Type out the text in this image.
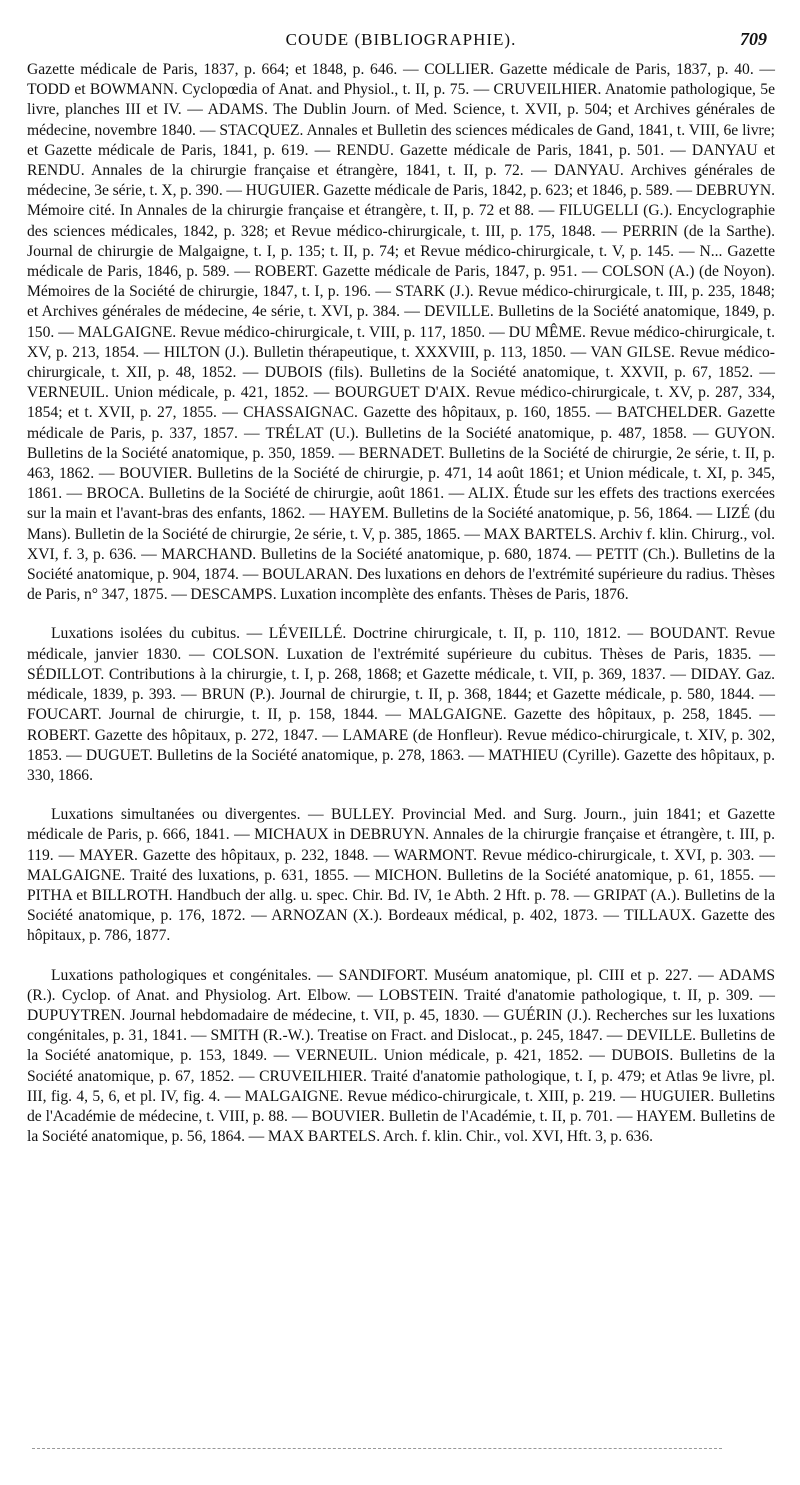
COUDE (BIBLIOGRAPHIE).	709

Gazette médicale de Paris, 1837, p. 664; et 1848, p. 646. — COLLIER. Gazette médicale de Paris, 1837, p. 40. — TODD et BOWMANN. Cyclopœdia of Anat. and Physiol., t. II, p. 75. — CRUVEILHIER. Anatomie pathologique, 5e livre, planches III et IV. — ADAMS. The Dublin Journ. of Med. Science, t. XVII, p. 504; et Archives générales de médecine, novembre 1840. — STACQUEZ. Annales et Bulletin des sciences médicales de Gand, 1841, t. VIII, 6e livre; et Gazette médicale de Paris, 1841, p. 619. — RENDU. Gazette médicale de Paris, 1841, p. 501. — DANYAU et RENDU. Annales de la chirurgie française et étrangère, 1841, t. II, p. 72. — DANYAU. Archives générales de médecine, 3e série, t. X, p. 390. — HUGUIER. Gazette médicale de Paris, 1842, p. 623; et 1846, p. 589. — DEBRUYN. Mémoire cité. In Annales de la chirurgie française et étrangère, t. II, p. 72 et 88. — FILUGELLI (G.). Encyclographie des sciences médicales, 1842, p. 328; et Revue médico-chirurgicale, t. III, p. 175, 1848. — PERRIN (de la Sarthe). Journal de chirurgie de Malgaigne, t. I, p. 135; t. II, p. 74; et Revue médico-chirurgicale, t. V, p. 145. — N... Gazette médicale de Paris, 1846, p. 589. — ROBERT. Gazette médicale de Paris, 1847, p. 951. — COLSON (A.) (de Noyon). Mémoires de la Société de chirurgie, 1847, t. I, p. 196. — STARK (J.). Revue médico-chirurgicale, t. III, p. 235, 1848; et Archives générales de médecine, 4e série, t. XVI, p. 384. — DEVILLE. Bulletins de la Société anatomique, 1849, p. 150. — MALGAIGNE. Revue médico-chirurgicale, t. VIII, p. 117, 1850. — DU MÊME. Revue médico-chirurgicale, t. XV, p. 213, 1854. — HILTON (J.). Bulletin thérapeutique, t. XXXVIII, p. 113, 1850. — VAN GILSE. Revue médico-chirurgicale, t. XII, p. 48, 1852. — DUBOIS (fils). Bulletins de la Société anatomique, t. XXVII, p. 67, 1852. — VERNEUIL. Union médicale, p. 421, 1852. — BOURGUET D'AIX. Revue médico-chirurgicale, t. XV, p. 287, 334, 1854; et t. XVII, p. 27, 1855. — CHASSAIGNAC. Gazette des hôpitaux, p. 160, 1855. — BATCHELDER. Gazette médicale de Paris, p. 337, 1857. — TRÉLAT (U.). Bulletins de la Société anatomique, p. 487, 1858. — GUYON. Bulletins de la Société anatomique, p. 350, 1859. — BERNADET. Bulletins de la Société de chirurgie, 2e série, t. II, p. 463, 1862. — BOUVIER. Bulletins de la Société de chirurgie, p. 471, 14 août 1861; et Union médicale, t. XI, p. 345, 1861. — BROCA. Bulletins de la Société de chirurgie, août 1861. — ALIX. Étude sur les effets des tractions exercées sur la main et l'avant-bras des enfants, 1862. — HAYEM. Bulletins de la Société anatomique, p. 56, 1864. — LIZÉ (du Mans). Bulletin de la Société de chirurgie, 2e série, t. V, p. 385, 1865. — MAX BARTELS. Archiv f. klin. Chirurg., vol. XVI, f. 3, p. 636. — MARCHAND. Bulletins de la Société anatomique, p. 680, 1874. — PETIT (Ch.). Bulletins de la Société anatomique, p. 904, 1874. — BOULARAN. Des luxations en dehors de l'extrémité supérieure du radius. Thèses de Paris, n° 347, 1875. — DESCAMPS. Luxation incomplète des enfants. Thèses de Paris, 1876.

Luxations isolées du cubitus. — LÉVEILLÉ. Doctrine chirurgicale, t. II, p. 110, 1812. — BOUDANT. Revue médicale, janvier 1830. — COLSON. Luxation de l'extrémité supérieure du cubitus. Thèses de Paris, 1835. — SÉDILLOT. Contributions à la chirurgie, t. I, p. 268, 1868; et Gazette médicale, t. VII, p. 369, 1837. — DIDAY. Gaz. médicale, 1839, p. 393. — BRUN (P.). Journal de chirurgie, t. II, p. 368, 1844; et Gazette médicale, p. 580, 1844. — FOUCART. Journal de chirurgie, t. II, p. 158, 1844. — MALGAIGNE. Gazette des hôpitaux, p. 258, 1845. — ROBERT. Gazette des hôpitaux, p. 272, 1847. — LAMARE (de Honfleur). Revue médico-chirurgicale, t. XIV, p. 302, 1853. — DUGUET. Bulletins de la Société anatomique, p. 278, 1863. — MATHIEU (Cyrille). Gazette des hôpitaux, p. 330, 1866.

Luxations simultanées ou divergentes. — BULLEY. Provincial Med. and Surg. Journ., juin 1841; et Gazette médicale de Paris, p. 666, 1841. — MICHAUX in DEBRUYN. Annales de la chirurgie française et étrangère, t. III, p. 119. — MAYER. Gazette des hôpitaux, p. 232, 1848. — WARMONT. Revue médico-chirurgicale, t. XVI, p. 303. — MALGAIGNE. Traité des luxations, p. 631, 1855. — MICHON. Bulletins de la Société anatomique, p. 61, 1855. — PITHA et BILLROTH. Handbuch der allg. u. spec. Chir. Bd. IV, 1e Abth. 2 Hft. p. 78. — GRIPAT (A.). Bulletins de la Société anatomique, p. 176, 1872. — ARNOZAN (X.). Bordeaux médical, p. 402, 1873. — TILLAUX. Gazette des hôpitaux, p. 786, 1877.

Luxations pathologiques et congénitales. — SANDIFORT. Muséum anatomique, pl. CIII et p. 227. — ADAMS (R.). Cyclop. of Anat. and Physiolog. Art. Elbow. — LOBSTEIN. Traité d'anatomie pathologique, t. II, p. 309. — DUPUYTREN. Journal hebdomadaire de médecine, t. VII, p. 45, 1830. — GUÉRIN (J.). Recherches sur les luxations congénitales, p. 31, 1841. — SMITH (R.-W.). Treatise on Fract. and Dislocat., p. 245, 1847. — DEVILLE. Bulletins de la Société anatomique, p. 153, 1849. — VERNEUIL. Union médicale, p. 421, 1852. — DUBOIS. Bulletins de la Société anatomique, p. 67, 1852. — CRUVEILHIER. Traité d'anatomie pathologique, t. I, p. 479; et Atlas 9e livre, pl. III, fig. 4, 5, 6, et pl. IV, fig. 4. — MALGAIGNE. Revue médico-chirurgicale, t. XIII, p. 219. — HUGUIER. Bulletins de l'Académie de médecine, t. VIII, p. 88. — BOUVIER. Bulletin de l'Académie, t. II, p. 701. — HAYEM. Bulletins de la Société anatomique, p. 56, 1864. — MAX BARTELS. Arch. f. klin. Chir., vol. XVI, Hft. 3, p. 636.
